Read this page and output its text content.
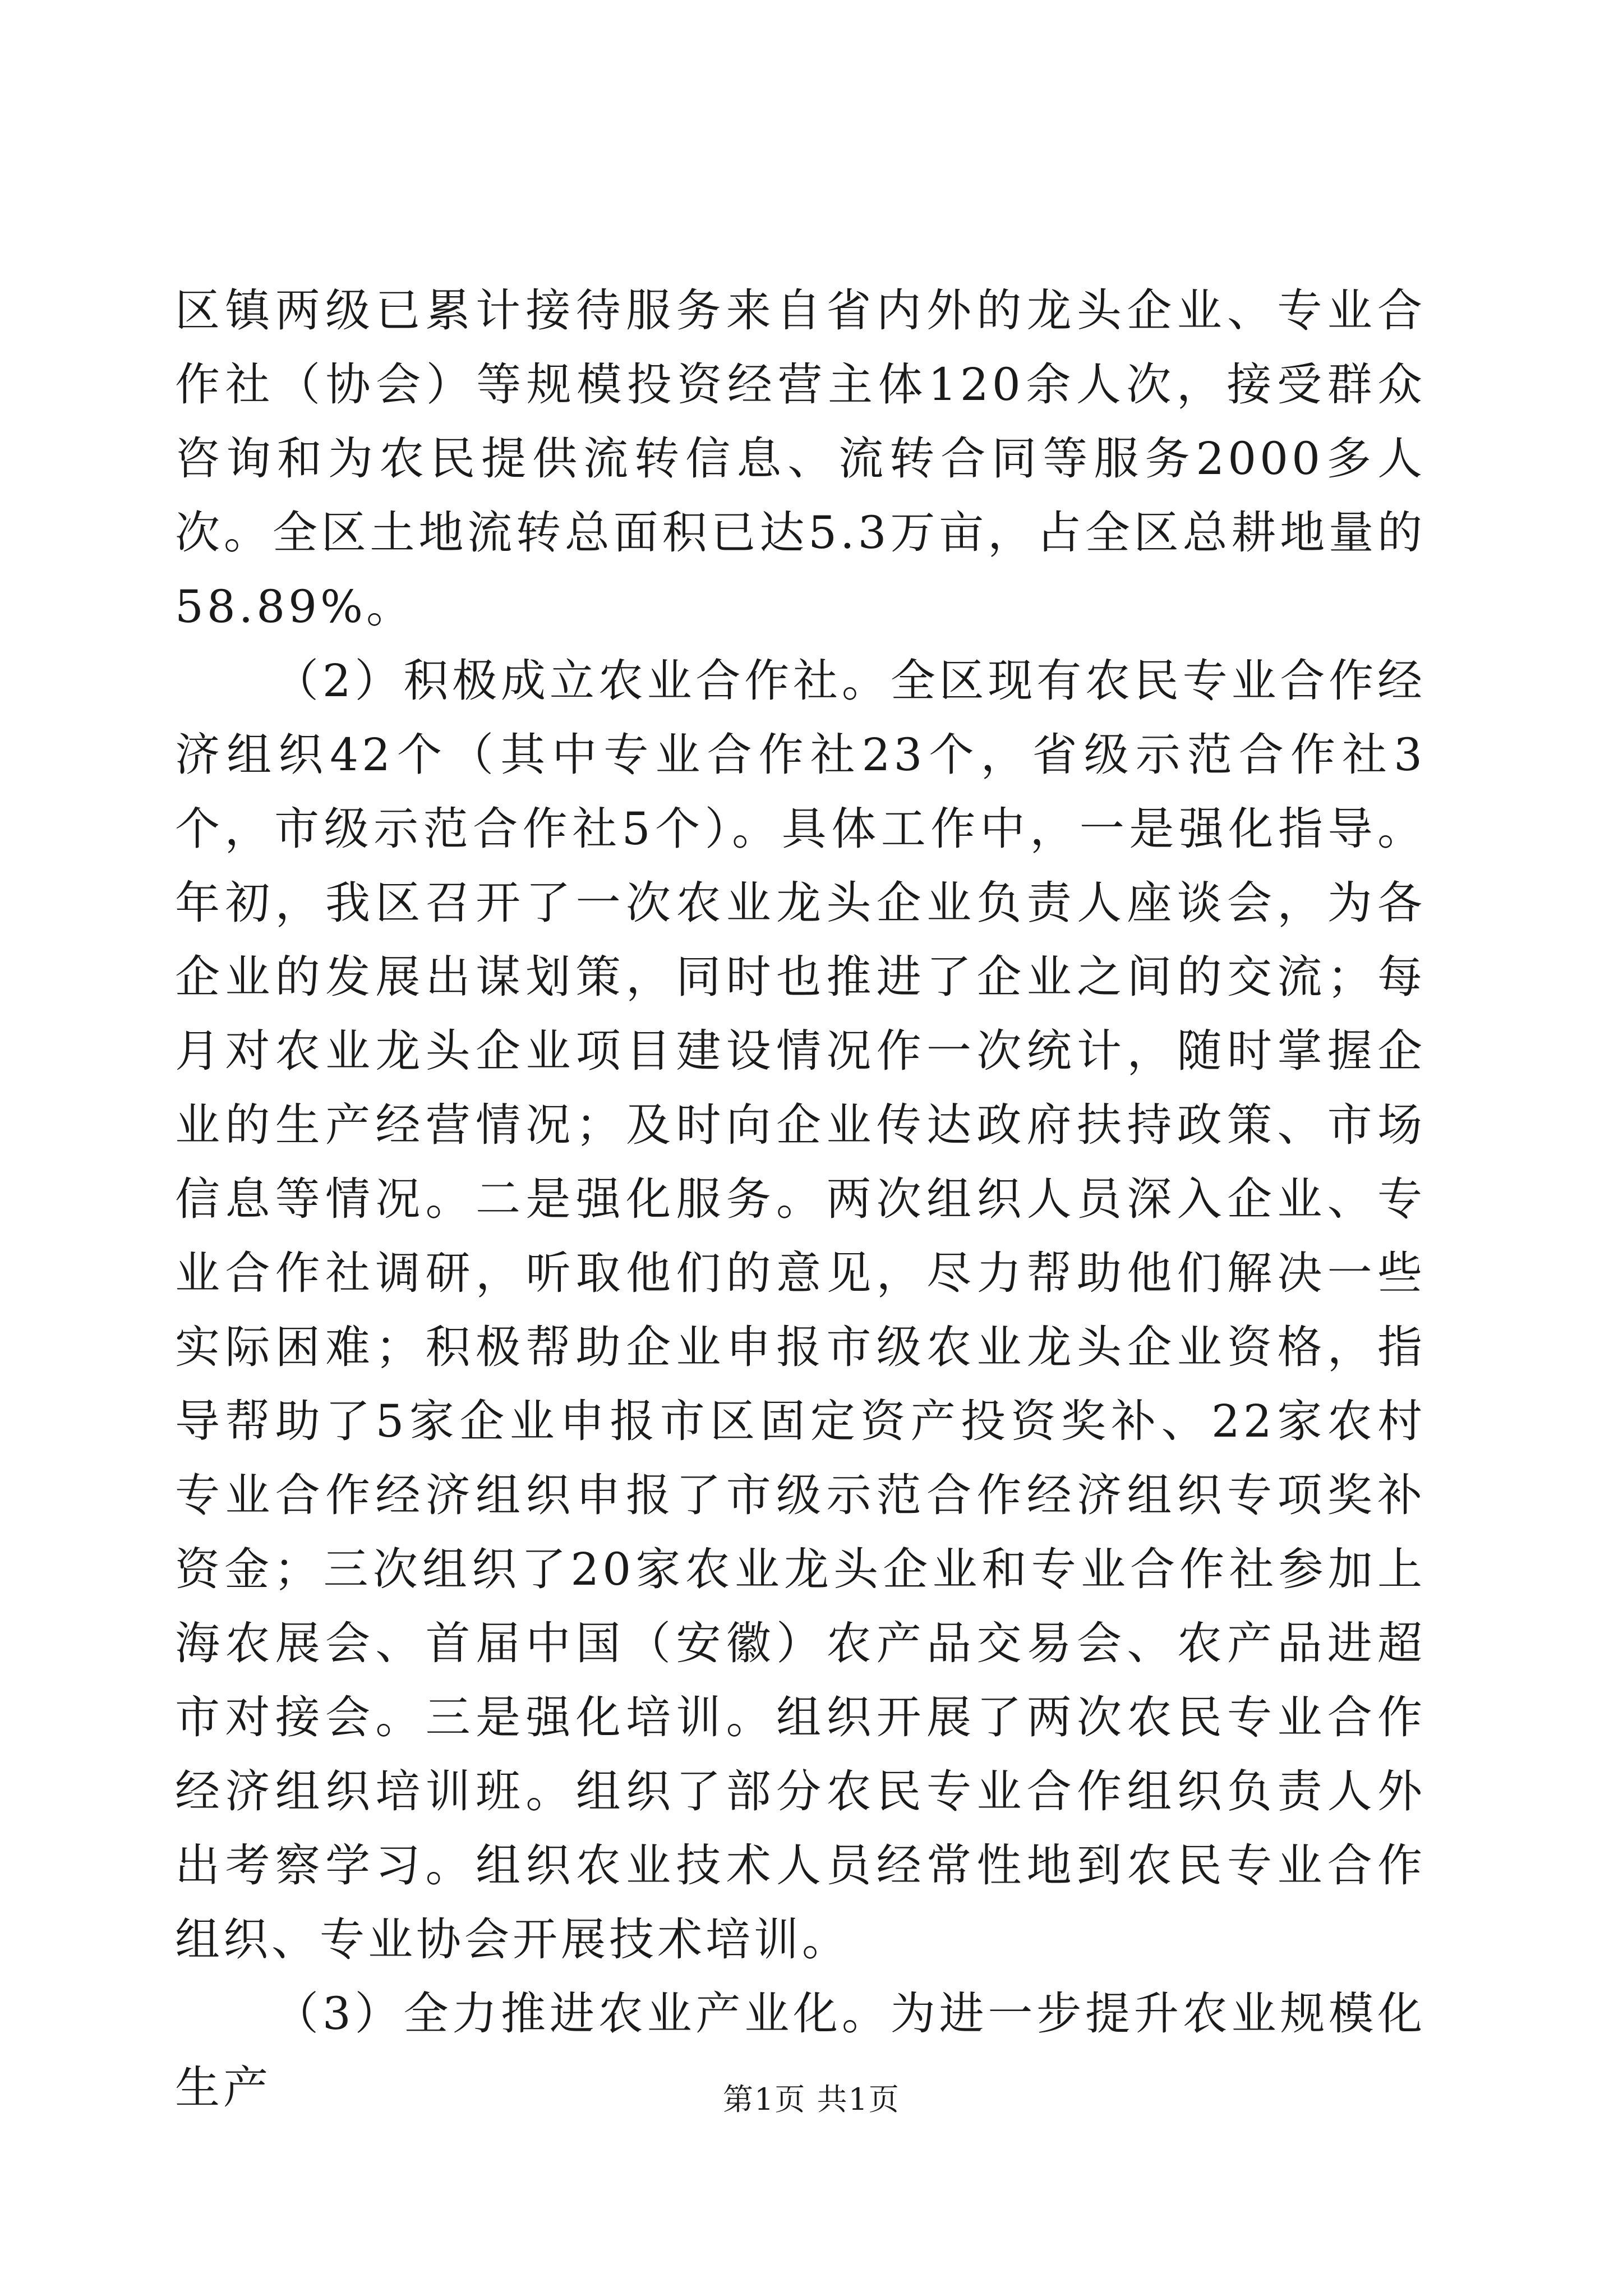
区镇两级已累计接待服务来自省内外的龙头企业、专业合作社（协会）等规模投资经营主体120余人次，接受群众咨询和为农民提供流转信息、流转合同等服务2000多人次。全区土地流转总面积已达5.3万亩，占全区总耕地量的58.89%。

（2）积极成立农业合作社。全区现有农民专业合作经济组织42个（其中专业合作社23个，省级示范合作社3个，市级示范合作社5个）。具体工作中，一是强化指导。年初，我区召开了一次农业龙头企业负责人座谈会，为各企业的发展出谋划策，同时也推进了企业之间的交流；每月对农业龙头企业项目建设情况作一次统计，随时掌握企业的生产经营情况；及时向企业传达政府扶持政策、市场信息等情况。二是强化服务。两次组织人员深入企业、专业合作社调研，听取他们的意见，尽力帮助他们解决一些实际困难；积极帮助企业申报市级农业龙头企业资格，指导帮助了5家企业申报市区固定资产投资奖补、22家农村专业合作经济组织申报了市级示范合作经济组织专项奖补资金；三次组织了20家农业龙头企业和专业合作社参加上海农展会、首届中国（安徽）农产品交易会、农产品进超市对接会。三是强化培训。组织开展了两次农民专业合作经济组织培训班。组织了部分农民专业合作组织负责人外出考察学习。组织农业技术人员经常性地到农民专业合作组织、专业协会开展技术培训。

（3）全力推进农业产业化。为进一步提升农业规模化生产	第1页 共1页
